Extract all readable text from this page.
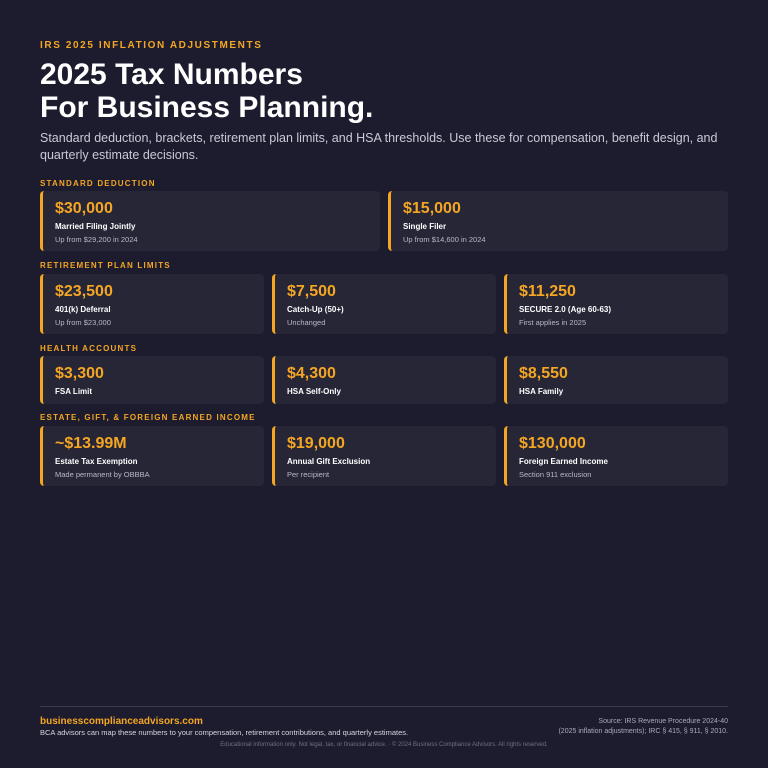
IRS 2025 INFLATION ADJUSTMENTS
2025 Tax Numbers
For Business Planning.
Standard deduction, brackets, retirement plan limits, and HSA thresholds. Use these for compensation, benefit design, and quarterly estimate decisions.
STANDARD DEDUCTION
$30,000
Married Filing Jointly
Up from $29,200 in 2024
$15,000
Single Filer
Up from $14,600 in 2024
RETIREMENT PLAN LIMITS
$23,500
401(k) Deferral
Up from $23,000
$7,500
Catch-Up (50+)
Unchanged
$11,250
SECURE 2.0 (Age 60-63)
First applies in 2025
HEALTH ACCOUNTS
$3,300
FSA Limit
$4,300
HSA Self-Only
$8,550
HSA Family
ESTATE, GIFT, & FOREIGN EARNED INCOME
~$13.99M
Estate Tax Exemption
Made permanent by OBBBA
$19,000
Annual Gift Exclusion
Per recipient
$130,000
Foreign Earned Income
Section 911 exclusion
businesscomplianceadvisors.com
BCA advisors can map these numbers to your compensation, retirement contributions, and quarterly estimates.
Source: IRS Revenue Procedure 2024-40
(2025 inflation adjustments); IRC § 415, § 911, § 2010.
Educational information only. Not legal, tax, or financial advice. · © 2024 Business Compliance Advisors. All rights reserved.
